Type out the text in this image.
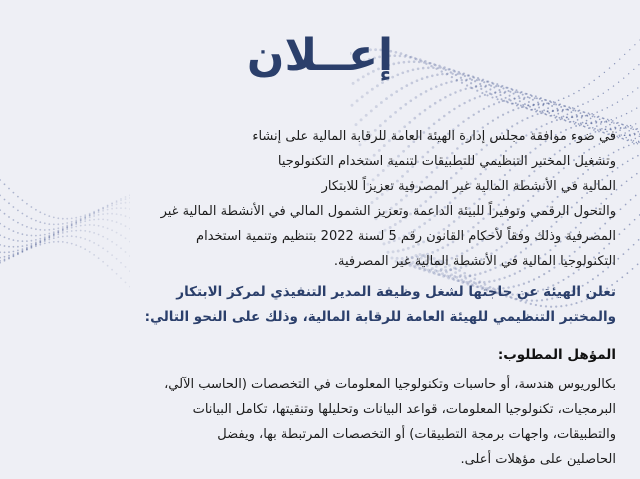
إعــلان
في ضوء موافقة مجلس إدارة الهيئة العامة للرقابة المالية على إنشاء
وتشغيل المختبر التنظيمي للتطبيقات لتنمية استخدام التكنولوجيا
المالية في الأنشطة المالية غير المصرفية تعزيزاً للابتكار
والتحول الرقمي وتوفيراً للبيئة الداعمة وتعزيز الشمول المالي في الأنشطة المالية غير
المصرفية وذلك وفقاً لأحكام القانون رقم 5 لسنة 2022 بتنظيم وتنمية استخدام
التكنولوجيا المالية في الأنشطة المالية غير المصرفية.
تعلن الهيئة عن حاجتها لشغل وظيفة المدير التنفيذي لمركز الابتكار
والمختبر التنظيمي للهيئة العامة للرقابة المالية، وذلك على النحو التالي:
المؤهل المطلوب:
بكالوريوس هندسة، أو حاسبات وتكنولوجيا المعلومات في التخصصات (الحاسب الآلي،
البرمجيات، تكنولوجيا المعلومات، قواعد البيانات وتحليلها وتنقيتها، تكامل البيانات
والتطبيقات، واجهات برمجة التطبيقات) أو التخصصات المرتبطة بها، ويفضل
الحاصلين على مؤهلات أعلى.
